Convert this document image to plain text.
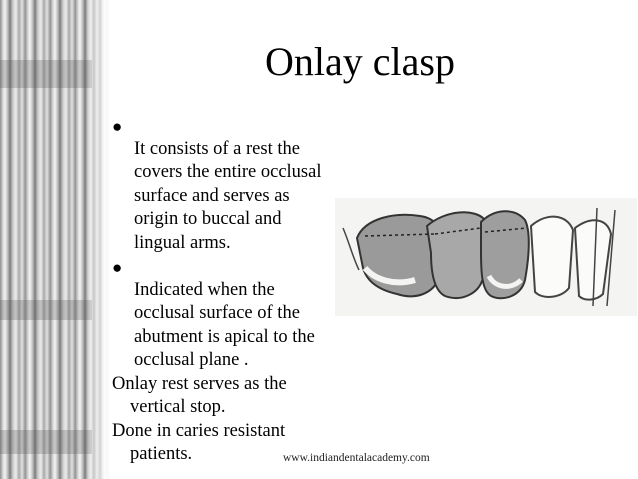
Onlay clasp

●
It consists of a rest the
covers the entire occlusal
surface and serves as
origin to buccal and
lingual arms.

●
Indicated when the
occlusal surface of the
abutment is apical to the
occlusal plane .

Onlay rest serves as the
vertical stop.
Done in caries resistant
patients.	www.indiandentalacademy.com
